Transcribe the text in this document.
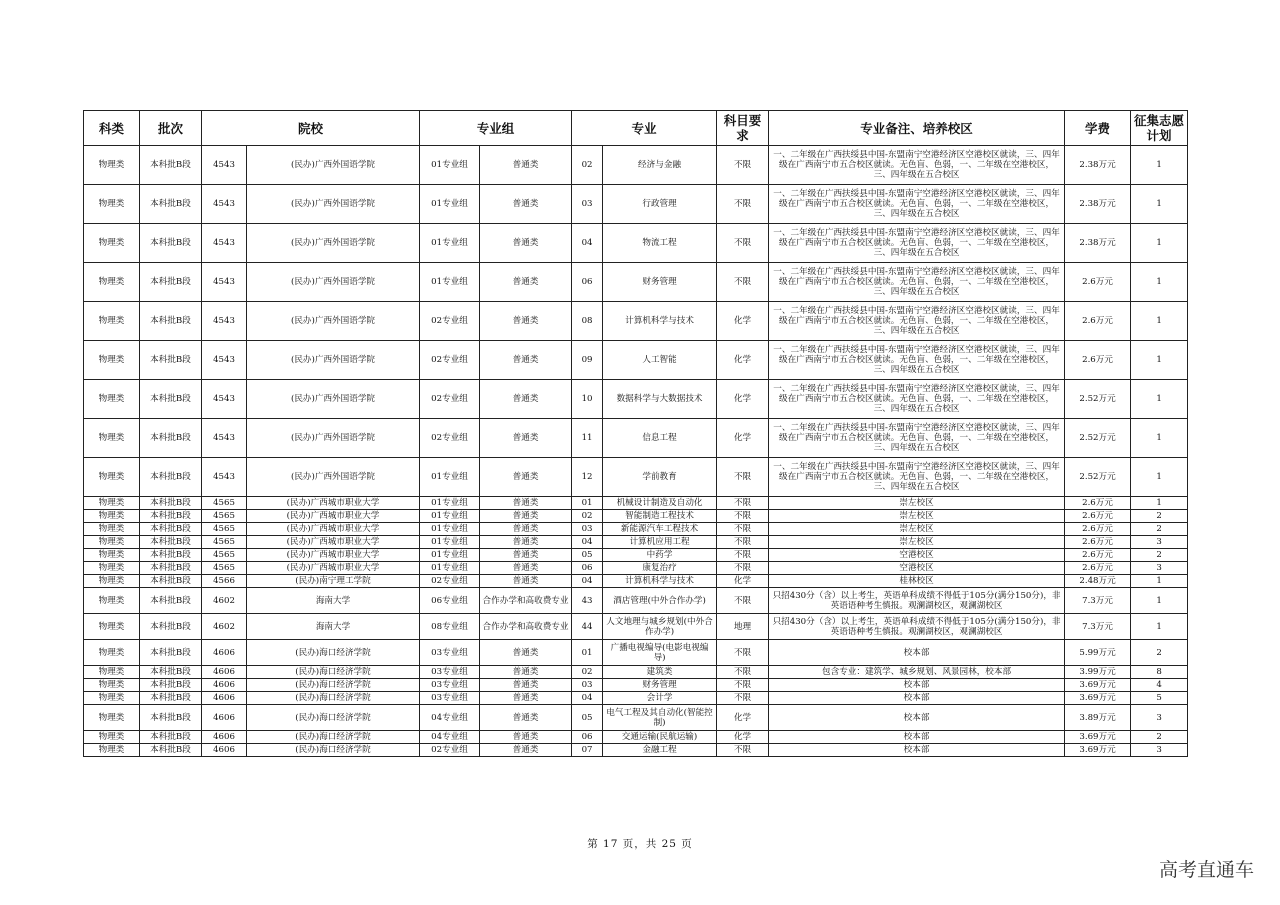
科类	批次	院校		专业组		专业		科目要求	专业备注、培养校区	学费	征集志愿计划
物理类	本科批B段	4543	(民办)广西外国语学院	01专业组	普通类	02	经济与金融	不限	一、二年级在广西扶绥县中国-东盟南宁空港经济区空港校区就读，三、四年级在广西南宁市五合校区就读。无色盲、色弱，一、二年级在空港校区，三、四年级在五合校区	2.38万元	1
物理类	本科批B段	4543	(民办)广西外国语学院	01专业组	普通类	03	行政管理	不限	一、二年级在广西扶绥县中国-东盟南宁空港经济区空港校区就读，三、四年级在广西南宁市五合校区就读。无色盲、色弱，一、二年级在空港校区，三、四年级在五合校区	2.38万元	1
物理类	本科批B段	4543	(民办)广西外国语学院	01专业组	普通类	04	物流工程	不限	一、二年级在广西扶绥县中国-东盟南宁空港经济区空港校区就读，三、四年级在广西南宁市五合校区就读。无色盲、色弱，一、二年级在空港校区，三、四年级在五合校区	2.38万元	1
物理类	本科批B段	4543	(民办)广西外国语学院	01专业组	普通类	06	财务管理	不限	一、二年级在广西扶绥县中国-东盟南宁空港经济区空港校区就读，三、四年级在广西南宁市五合校区就读。无色盲、色弱，一、二年级在空港校区，三、四年级在五合校区	2.6万元	1
物理类	本科批B段	4543	(民办)广西外国语学院	02专业组	普通类	08	计算机科学与技术	化学	一、二年级在广西扶绥县中国-东盟南宁空港经济区空港校区就读，三、四年级在广西南宁市五合校区就读。无色盲、色弱，一、二年级在空港校区，三、四年级在五合校区	2.6万元	1
物理类	本科批B段	4543	(民办)广西外国语学院	02专业组	普通类	09	人工智能	化学	一、二年级在广西扶绥县中国-东盟南宁空港经济区空港校区就读，三、四年级在广西南宁市五合校区就读。无色盲、色弱，一、二年级在空港校区，三、四年级在五合校区	2.6万元	1
物理类	本科批B段	4543	(民办)广西外国语学院	02专业组	普通类	10	数据科学与大数据技术	化学	一、二年级在广西扶绥县中国-东盟南宁空港经济区空港校区就读，三、四年级在广西南宁市五合校区就读。无色盲、色弱，一、二年级在空港校区，三、四年级在五合校区	2.52万元	1
物理类	本科批B段	4543	(民办)广西外国语学院	02专业组	普通类	11	信息工程	化学	一、二年级在广西扶绥县中国-东盟南宁空港经济区空港校区就读，三、四年级在广西南宁市五合校区就读。无色盲、色弱，一、二年级在空港校区，三、四年级在五合校区	2.52万元	1
物理类	本科批B段	4543	(民办)广西外国语学院	01专业组	普通类	12	学前教育	不限	一、二年级在广西扶绥县中国-东盟南宁空港经济区空港校区就读，三、四年级在广西南宁市五合校区就读。无色盲、色弱，一、二年级在空港校区，三、四年级在五合校区	2.52万元	1
物理类	本科批B段	4565	(民办)广西城市职业大学	01专业组	普通类	01	机械设计制造及自动化	不限	崇左校区	2.6万元	1
物理类	本科批B段	4565	(民办)广西城市职业大学	01专业组	普通类	02	智能制造工程技术	不限	崇左校区	2.6万元	2
物理类	本科批B段	4565	(民办)广西城市职业大学	01专业组	普通类	03	新能源汽车工程技术	不限	崇左校区	2.6万元	2
物理类	本科批B段	4565	(民办)广西城市职业大学	01专业组	普通类	04	计算机应用工程	不限	崇左校区	2.6万元	3
物理类	本科批B段	4565	(民办)广西城市职业大学	01专业组	普通类	05	中药学	不限	空港校区	2.6万元	2
物理类	本科批B段	4565	(民办)广西城市职业大学	01专业组	普通类	06	康复治疗	不限	空港校区	2.6万元	3
物理类	本科批B段	4566	(民办)南宁理工学院	02专业组	普通类	04	计算机科学与技术	化学	桂林校区	2.48万元	1
物理类	本科批B段	4602	海南大学	06专业组	合作办学和高收费专业	43	酒店管理(中外合作办学)	不限	只招430分（含）以上考生，英语单科成绩不得低于105分(满分150分)，非英语语种考生慎报。观澜湖校区，观澜湖校区	7.3万元	1
物理类	本科批B段	4602	海南大学	08专业组	合作办学和高收费专业	44	人文地理与城乡规划(中外合作办学)	地理	只招430分（含）以上考生，英语单科成绩不得低于105分(满分150分)，非英语语种考生慎报。观澜湖校区，观澜湖校区	7.3万元	1
物理类	本科批B段	4606	(民办)海口经济学院	03专业组	普通类	01	广播电视编导(电影电视编导)	不限	校本部	5.99万元	2
物理类	本科批B段	4606	(民办)海口经济学院	03专业组	普通类	02	建筑类	不限	包含专业：建筑学、城乡规划、风景园林，校本部	3.99万元	8
物理类	本科批B段	4606	(民办)海口经济学院	03专业组	普通类	03	财务管理	不限	校本部	3.69万元	4
物理类	本科批B段	4606	(民办)海口经济学院	03专业组	普通类	04	会计学	不限	校本部	3.69万元	5
物理类	本科批B段	4606	(民办)海口经济学院	04专业组	普通类	05	电气工程及其自动化(智能控制)	化学	校本部	3.89万元	3
物理类	本科批B段	4606	(民办)海口经济学院	04专业组	普通类	06	交通运输(民航运输)	化学	校本部	3.69万元	2
物理类	本科批B段	4606	(民办)海口经济学院	02专业组	普通类	07	金融工程	不限	校本部	3.69万元	3
第 17 页，共 25 页
高考直通车
